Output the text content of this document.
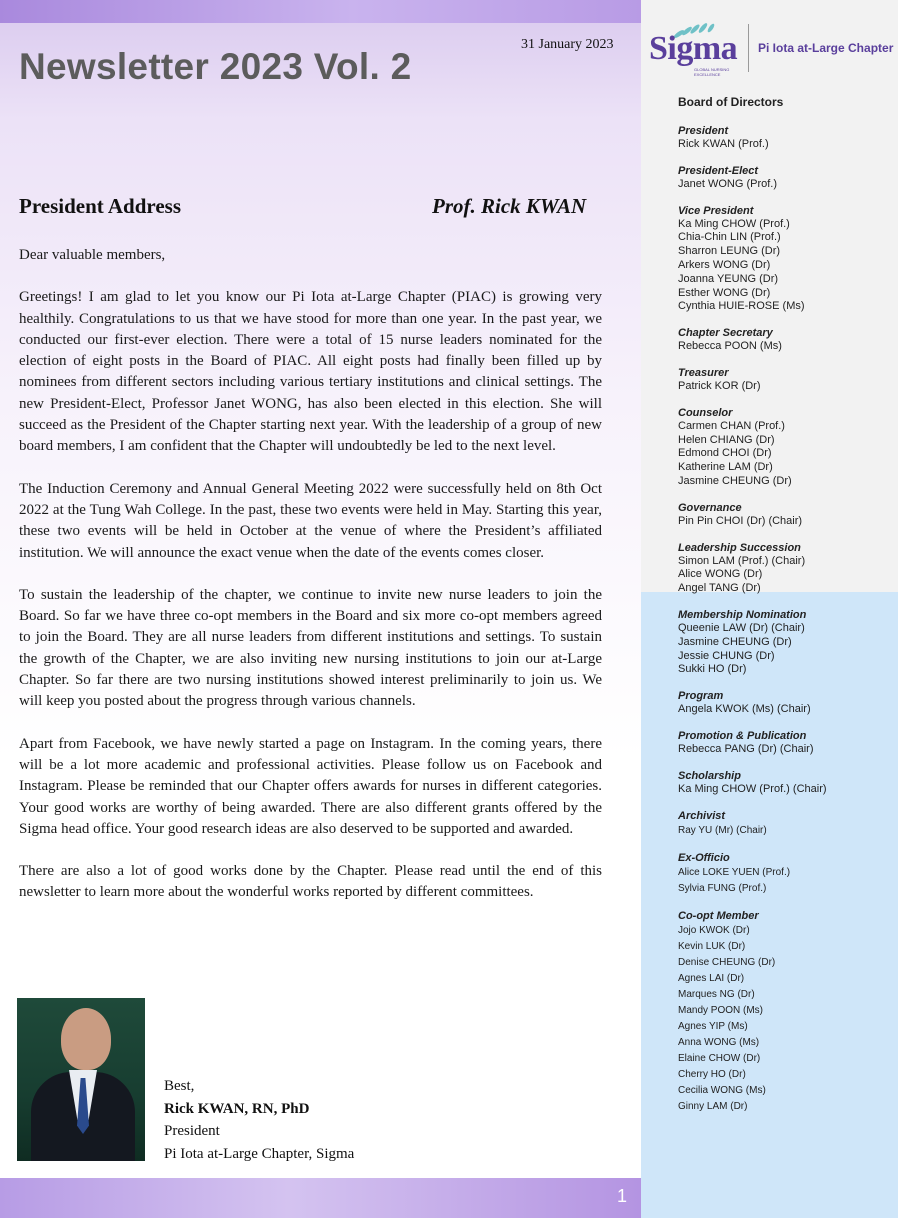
31 January 2023
Newsletter 2023 Vol. 2	Sigma
GLOBAL NURSING EXCELLENCE
Pi Iota at-Large Chapter
President Address	Prof. Rick KWAN

Dear valuable members,

Greetings! I am glad to let you know our Pi Iota at-Large Chapter (PIAC) is growing very healthily. Congratulations to us that we have stood for more than one year. In the past year, we conducted our first-ever election. There were a total of 15 nurse leaders nominated for the election of eight posts in the Board of PIAC. All eight posts had finally been filled up by nominees from different sectors including various tertiary institutions and clinical settings. The new President-Elect, Professor Janet WONG, has also been elected in this election. She will succeed as the President of the Chapter starting next year. With the leadership of a group of new board members, I am confident that the Chapter will undoubtedly be led to the next level.

The Induction Ceremony and Annual General Meeting 2022 were successfully held on 8th Oct 2022 at the Tung Wah College. In the past, these two events were held in May. Starting this year, these two events will be held in October at the venue of where the President’s affiliated institution. We will announce the exact venue when the date of the events comes closer.

To sustain the leadership of the chapter, we continue to invite new nurse leaders to join the Board. So far we have three co-opt members in the Board and six more co-opt members agreed to join the Board. They are all nurse leaders from different institutions and settings. To sustain the growth of the Chapter, we are also inviting new nursing institutions to join our at-Large Chapter. So far there are two nursing institutions showed interest preliminarily to join us. We will keep you posted about the progress through various channels.

Apart from Facebook, we have newly started a page on Instagram. In the coming years, there will be a lot more academic and professional activities. Please follow us on Facebook and Instagram. Please be reminded that our Chapter offers awards for nurses in different categories. Your good works are worthy of being awarded. There are also different grants offered by the Sigma head office. Your good research ideas are also deserved to be supported and awarded.

There are also a lot of good works done by the Chapter. Please read until the end of this newsletter to learn more about the wonderful works reported by different committees.

Best,
Rick KWAN, RN, PhD
President
Pi Iota at-Large Chapter, Sigma
Board of Directors
President
Rick KWAN (Prof.)
President-Elect
Janet WONG (Prof.)
Vice President
Ka Ming CHOW (Prof.)
Chia-Chin LIN (Prof.)
Sharron LEUNG (Dr)
Arkers WONG (Dr)
Joanna YEUNG (Dr)
Esther WONG (Dr)
Cynthia HUIE-ROSE (Ms)
Chapter Secretary
Rebecca POON (Ms)
Treasurer
Patrick KOR (Dr)
Counselor
Carmen CHAN (Prof.)
Helen CHIANG (Dr)
Edmond CHOI (Dr)
Katherine LAM (Dr)
Jasmine CHEUNG (Dr)
Governance
Pin Pin CHOI (Dr) (Chair)
Leadership Succession
Simon LAM (Prof.) (Chair)
Alice WONG (Dr)
Angel TANG (Dr)
Membership Nomination
Queenie LAW (Dr) (Chair)
Jasmine CHEUNG (Dr)
Jessie CHUNG (Dr)
Sukki HO (Dr)
Program
Angela KWOK (Ms) (Chair)
Promotion & Publication
Rebecca PANG (Dr) (Chair)
Scholarship
Ka Ming CHOW (Prof.) (Chair)
Archivist
Ray YU (Mr) (Chair)
Ex-Officio
Alice LOKE YUEN (Prof.)
Sylvia FUNG (Prof.)
Co-opt Member
Jojo KWOK (Dr)
Kevin LUK (Dr)
Denise CHEUNG (Dr)
Agnes LAI (Dr)
Marques NG (Dr)
Mandy POON (Ms)
Agnes YIP (Ms)
Anna WONG (Ms)
Elaine CHOW (Dr)
Cherry HO (Dr)
Cecilia WONG (Ms)
Ginny LAM (Dr)
1
